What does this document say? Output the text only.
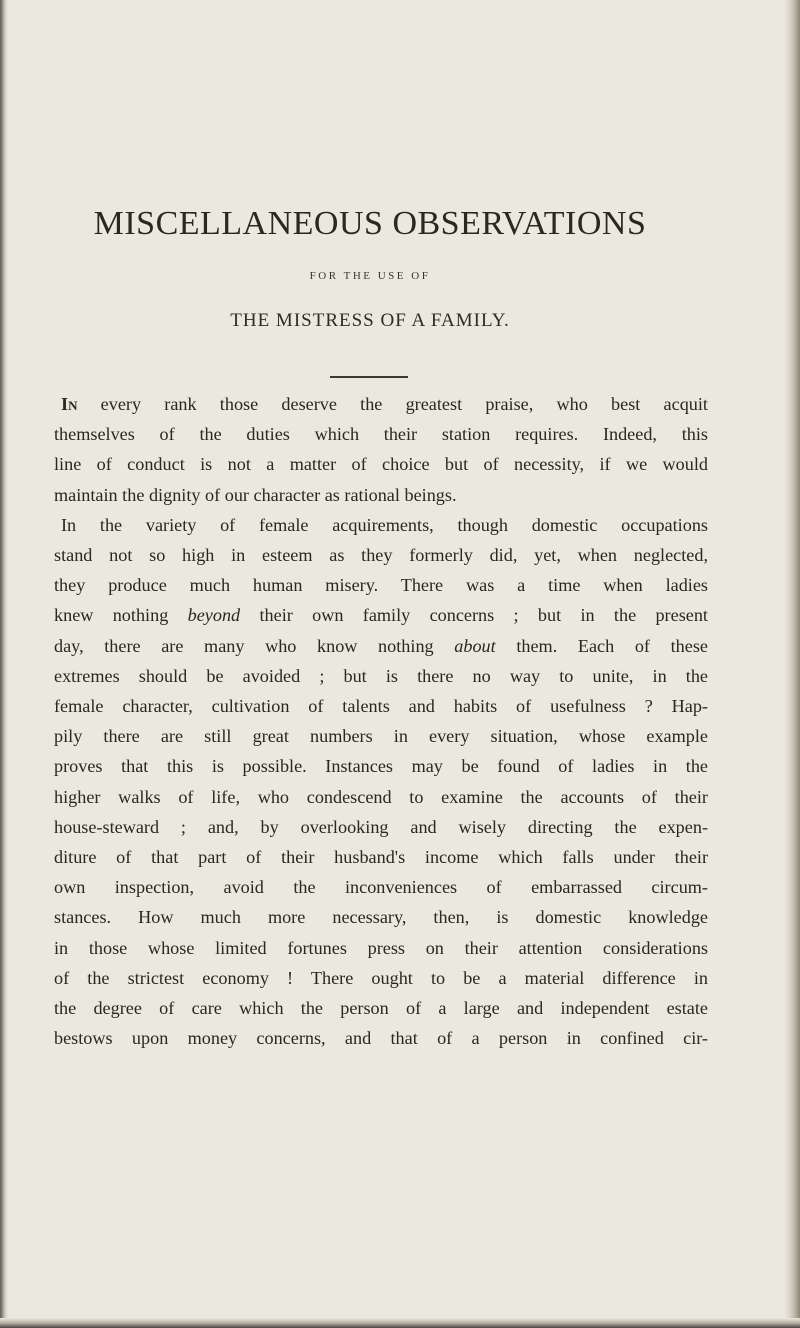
MISCELLANEOUS OBSERVATIONS
FOR THE USE OF
THE MISTRESS OF A FAMILY.

In every rank those deserve the greatest praise, who best acquit
themselves of the duties which their station requires. Indeed, this
line of conduct is not a matter of choice but of necessity, if we would
maintain the dignity of our character as rational beings.

In the variety of female acquirements, though domestic occupations
stand not so high in esteem as they formerly did, yet, when neglected,
they produce much human misery. There was a time when ladies
knew nothing beyond their own family concerns ; but in the present
day, there are many who know nothing about them. Each of these
extremes should be avoided ; but is there no way to unite, in the
female character, cultivation of talents and habits of usefulness ? Hap-
pily there are still great numbers in every situation, whose example
proves that this is possible. Instances may be found of ladies in the
higher walks of life, who condescend to examine the accounts of their
house-steward ; and, by overlooking and wisely directing the expen-
diture of that part of their husband's income which falls under their
own inspection, avoid the inconveniences of embarrassed circum-
stances. How much more necessary, then, is domestic knowledge
in those whose limited fortunes press on their attention considerations
of the strictest economy ! There ought to be a material difference in
the degree of care which the person of a large and independent estate
bestows upon money concerns, and that of a person in confined cir-
